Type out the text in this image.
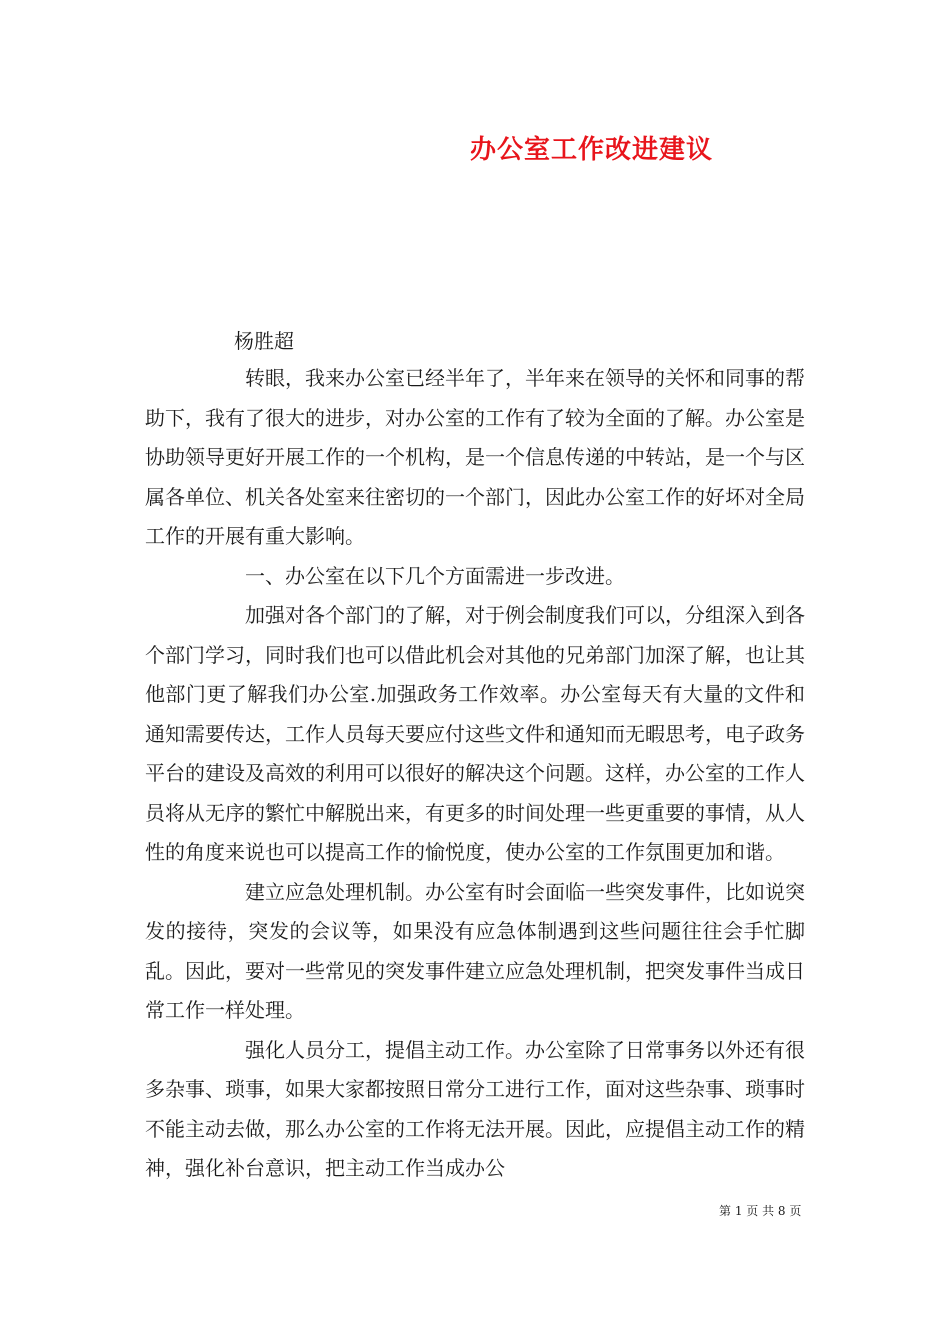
办公室工作改进建议
杨胜超

转眼，我来办公室已经半年了，半年来在领导的关怀和同事的帮助下，我有了很大的进步，对办公室的工作有了较为全面的了解。办公室是协助领导更好开展工作的一个机构，是一个信息传递的中转站，是一个与区属各单位、机关各处室来往密切的一个部门，因此办公室工作的好坏对全局工作的开展有重大影响。

一、办公室在以下几个方面需进一步改进。

加强对各个部门的了解，对于例会制度我们可以，分组深入到各个部门学习，同时我们也可以借此机会对其他的兄弟部门加深了解，也让其他部门更了解我们办公室.加强政务工作效率。办公室每天有大量的文件和通知需要传达，工作人员每天要应付这些文件和通知而无暇思考，电子政务平台的建设及高效的利用可以很好的解决这个问题。这样，办公室的工作人员将从无序的繁忙中解脱出来，有更多的时间处理一些更重要的事情，从人性的角度来说也可以提高工作的愉悦度，使办公室的工作氛围更加和谐。

建立应急处理机制。办公室有时会面临一些突发事件，比如说突发的接待，突发的会议等，如果没有应急体制遇到这些问题往往会手忙脚乱。因此，要对一些常见的突发事件建立应急处理机制，把突发事件当成日常工作一样处理。

强化人员分工，提倡主动工作。办公室除了日常事务以外还有很多杂事、琐事，如果大家都按照日常分工进行工作，面对这些杂事、琐事时不能主动去做，那么办公室的工作将无法开展。因此，应提倡主动工作的精神，强化补台意识，把主动工作当成办公

第 1 页 共 8 页
